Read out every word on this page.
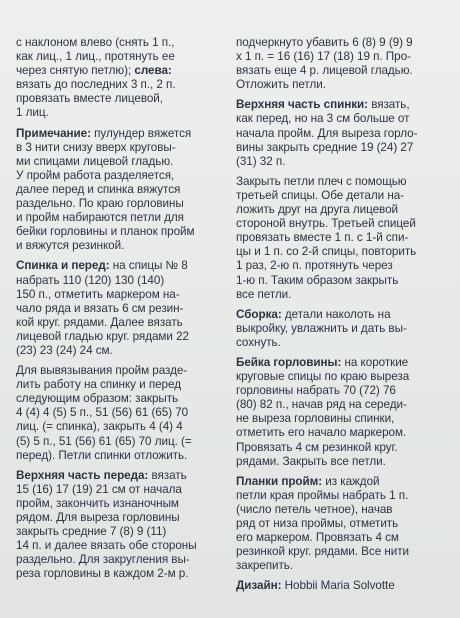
с наклоном влево (снять 1 п.,
как лиц., 1 лиц., протянуть ее
через снятую петлю); слева:
вязать до последних 3 п., 2 п.
провязать вместе лицевой,
1 лиц.
Примечание: пулундер вяжется
в 3 нити снизу вверх круговы-
ми спицами лицевой гладью.
У пройм работа разделяется,
далее перед и спинка вяжутся
раздельно. По краю горловины
и пройм набираются петли для
бейки горловины и планок пройм
и вяжутся резинкой.
Спинка и перед: на спицы № 8
набрать 110 (120) 130 (140)
150 п., отметить маркером на-
чало ряда и вязать 6 см резин-
кой круг. рядами. Далее вязать
лицевой гладью круг. рядами 22
(23) 23 (24) 24 см.
Для вывязывания пройм разде-
лить работу на спинку и перед
следующим образом: закрыть
4 (4) 4 (5) 5 п., 51 (56) 61 (65) 70
лиц. (= спинка), закрыть 4 (4) 4
(5) 5 п., 51 (56) 61 (65) 70 лиц. (=
перед). Петли спинки отложить.
Верхняя часть переда: вязать
15 (16) 17 (19) 21 см от начала
пройм, закончить изнаночным
рядом. Для выреза горловины
закрыть средние 7 (8) 9 (11)
14 п. и далее вязать обе стороны
раздельно. Для закругления вы-
реза горловины в каждом 2-м р.
подчеркнуто убавить 6 (8) 9 (9) 9
х 1 п. = 16 (16) 17 (18) 19 п. Про-
вязать еще 4 р. лицевой гладью.
Отложить петли.
Верхняя часть спинки: вязать,
как перед, но на 3 см больше от
начала пройм. Для выреза горло-
вины закрыть средние 19 (24) 27
(31) 32 п.
Закрыть петли плеч с помощью
третьей спицы. Обе детали на-
ложить друг на друга лицевой
стороной внутрь. Третьей спицей
провязать вместе 1 п. с 1-й спи-
цы и 1 п. со 2-й спицы, повторить
1 раз, 2-ю п. протянуть через
1-ю п. Таким образом закрыть
все петли.
Сборка: детали наколоть на
выкройку, увлажнить и дать вы-
сохнуть.
Бейка горловины: на короткие
круговые спицы по краю выреза
горловины набрать 70 (72) 76
(80) 82 п., начав ряд на середи-
не выреза горловины спинки,
отметить его начало маркером.
Провязать 4 см резинкой круг.
рядами. Закрыть все петли.
Планки пройм: из каждой
петли края проймы набрать 1 п.
(число петель четное), начав
ряд от низа проймы, отметить
его маркером. Провязать 4 см
резинкой круг. рядами. Все нити
закрепить.
Дизайн: Hobbii Maria Solvotte
